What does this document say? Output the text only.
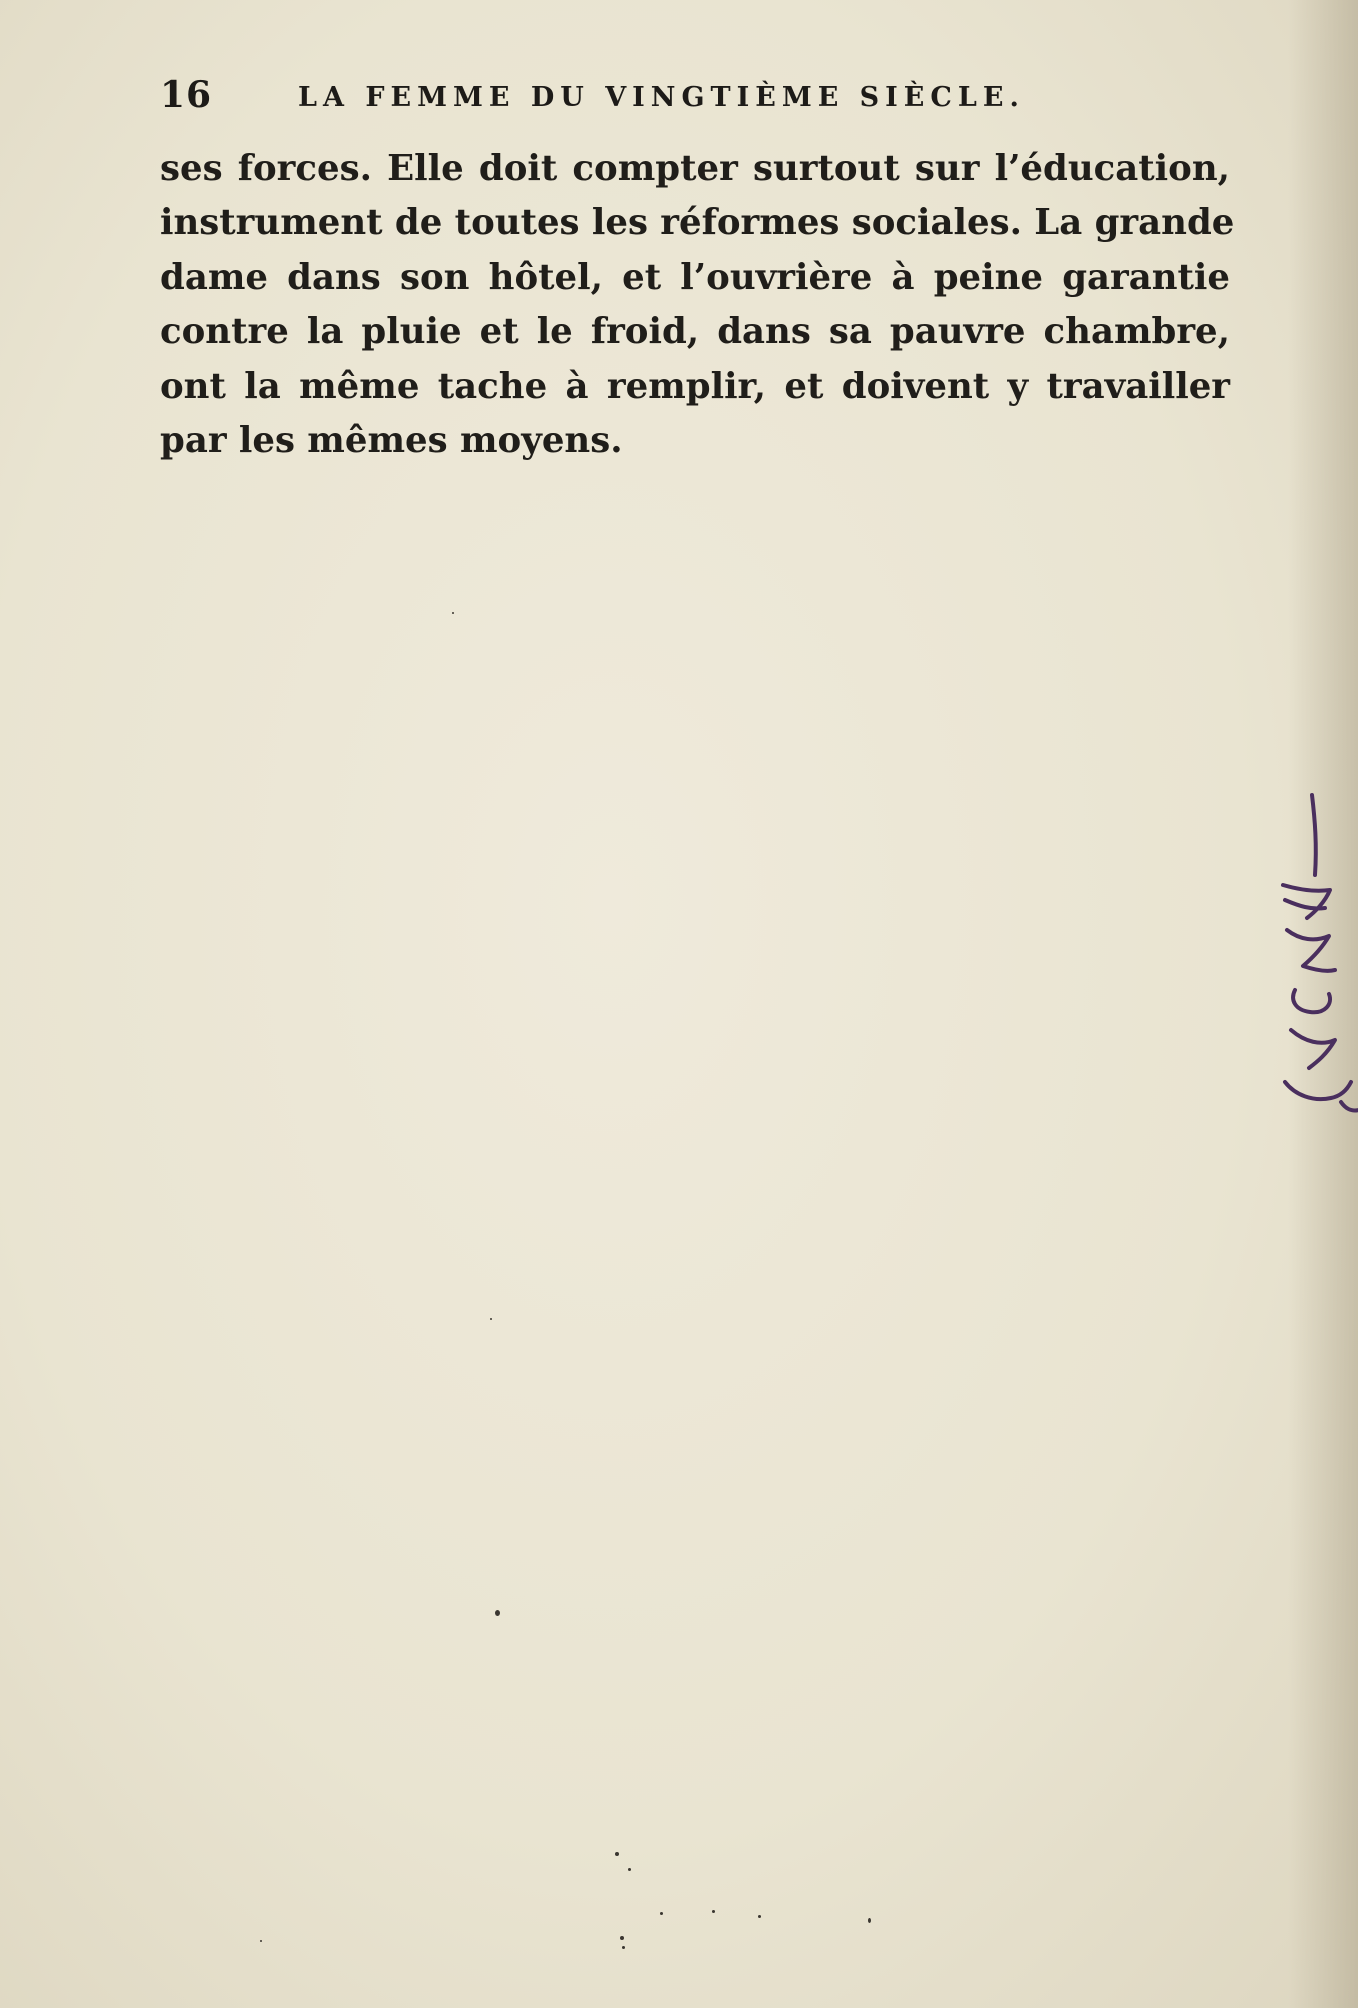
16	LA FEMME DU VINGTIÈME SIÈCLE.
ses forces. Elle doit compter surtout sur l’éducation,
instrument de toutes les réformes sociales. La grande
dame dans son hôtel, et l’ouvrière à peine garantie
contre la pluie et le froid, dans sa pauvre chambre,
ont la même tache à remplir, et doivent y travailler
par les mêmes moyens.
